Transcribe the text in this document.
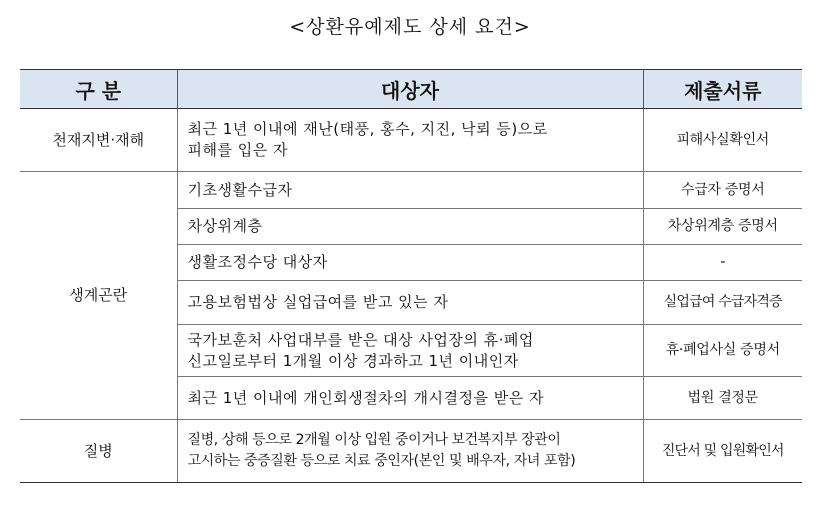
<상환유예제도 상세 요건>
구 분	대상자	제출서류
천재지변·재해	최근 1년 이내에 재난(태풍, 홍수, 지진, 낙뢰 등)으로
피해를 입은 자	피해사실확인서
생계곤란	기초생활수급자	수급자 증명서

	차상위계층	차상위계층 증명서

	생활조정수당 대상자	-

	고용보험법상 실업급여를 받고 있는 자	실업급여 수급자격증

	국가보훈처 사업대부를 받은 대상 사업장의 휴·폐업
신고일로부터 1개월 이상 경과하고 1년 이내인자	휴·폐업사실 증명서

	최근 1년 이내에 개인회생절차의 개시결정을 받은 자	법원 결정문
질병	질병, 상해 등으로 2개월 이상 입원 중이거나 보건복지부 장관이
고시하는 중증질환 등으로 치료 중인자(본인 및 배우자, 자녀 포함)	진단서 및 입원확인서
